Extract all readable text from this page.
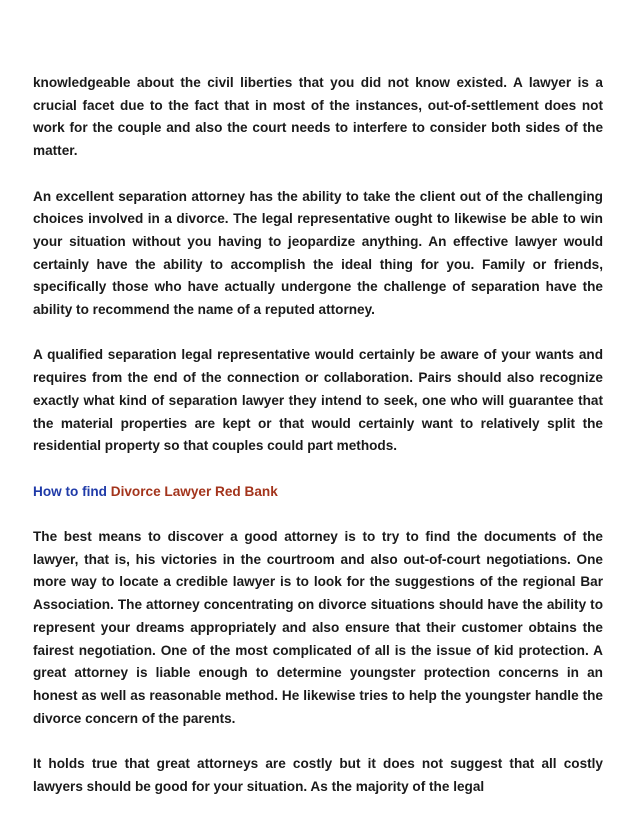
knowledgeable about the civil liberties that you did not know existed. A lawyer is a crucial facet due to the fact that in most of the instances, out-of-settlement does not work for the couple and also the court needs to interfere to consider both sides of the matter.

An excellent separation attorney has the ability to take the client out of the challenging choices involved in a divorce. The legal representative ought to likewise be able to win your situation without you having to jeopardize anything. An effective lawyer would certainly have the ability to accomplish the ideal thing for you. Family or friends, specifically those who have actually undergone the challenge of separation have the ability to recommend the name of a reputed attorney.

A qualified separation legal representative would certainly be aware of your wants and requires from the end of the connection or collaboration. Pairs should also recognize exactly what kind of separation lawyer they intend to seek, one who will guarantee that the material properties are kept or that would certainly want to relatively split the residential property so that couples could part methods.

How to find Divorce Lawyer Red Bank

The best means to discover a good attorney is to try to find the documents of the lawyer, that is, his victories in the courtroom and also out-of-court negotiations. One more way to locate a credible lawyer is to look for the suggestions of the regional Bar Association. The attorney concentrating on divorce situations should have the ability to represent your dreams appropriately and also ensure that their customer obtains the fairest negotiation. One of the most complicated of all is the issue of kid protection. A great attorney is liable enough to determine youngster protection concerns in an honest as well as reasonable method. He likewise tries to help the youngster handle the divorce concern of the parents.

It holds true that great attorneys are costly but it does not suggest that all costly lawyers should be good for your situation. As the majority of the legal
